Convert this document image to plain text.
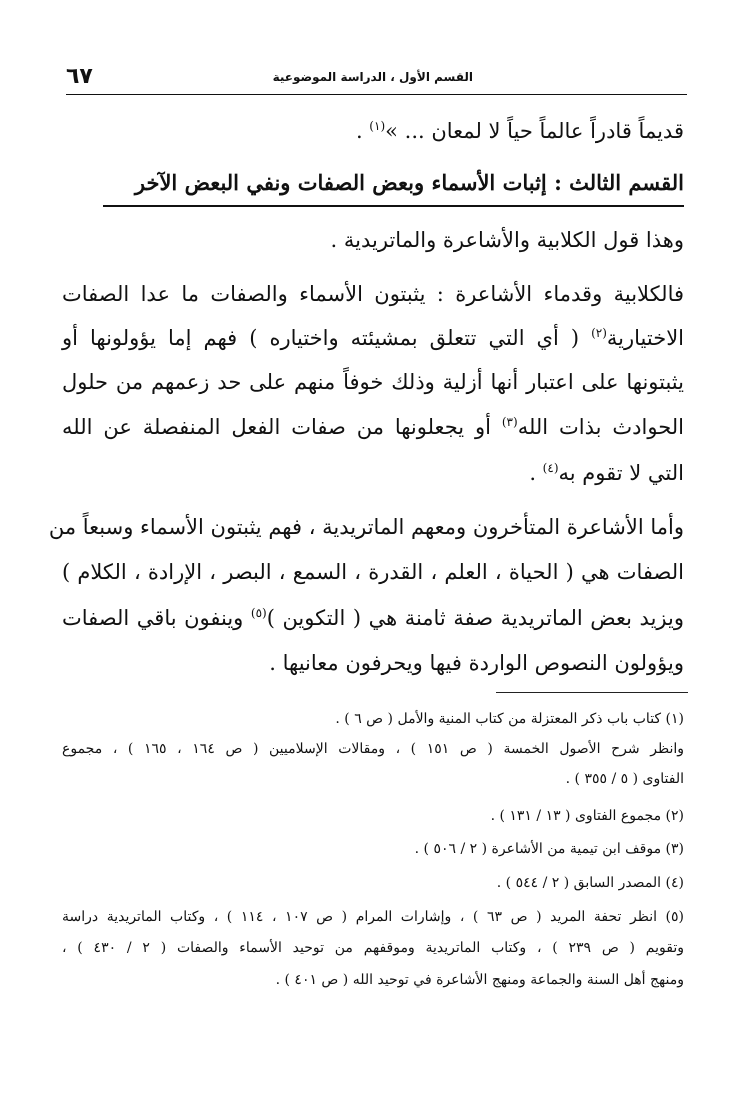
٦٧	القسم الأول ، الدراسة الموضوعية
قديماً قادراً عالماً حياً لا لمعان ... »$^{(١)}$ .
القسم الثالث : إثبات الأسماء وبعض الصفات ونفي البعض الآخر
وهذا قول الكلابية والأشاعرة والماتريدية .
فالكلابية وقدماء الأشاعرة : يثبتون الأسماء والصفات ما عدا الصفات
الاختيارية$^{(٢)}$ ( أي التي تتعلق بمشيئته واختياره ) فهم إما يؤولونها أو
يثبتونها على اعتبار أنها أزلية وذلك خوفاً منهم على حد زعمهم من حلول
الحوادث بذات الله$^{(٣)}$ أو يجعلونها من صفات الفعل المنفصلة عن الله
التي لا تقوم به$^{(٤)}$ .
وأما الأشاعرة المتأخرون ومعهم الماتريدية ، فهم يثبتون الأسماء وسبعاً من
الصفات هي ( الحياة ، العلم ، القدرة ، السمع ، البصر ، الإرادة ، الكلام )
ويزيد بعض الماتريدية صفة ثامنة هي ( التكوين )$^{(٥)}$ وينفون باقي الصفات
ويؤولون النصوص الواردة فيها ويحرفون معانيها .
(١) كتاب باب ذكر المعتزلة من كتاب المنية والأمل ( ص ٦ ) .
وانظر شرح الأصول الخمسة ( ص ١٥١ ) ، ومقالات الإسلاميين ( ص ١٦٤ ، ١٦٥ ) ، مجموع
الفتاوى ( ٥ / ٣٥٥ ) .
(٢) مجموع الفتاوى ( ١٣ / ١٣١ ) .
(٣) موقف ابن تيمية من الأشاعرة ( ٢ / ٥٠٦ ) .
(٤) المصدر السابق ( ٢ / ٥٤٤ ) .
(٥) انظر تحفة المريد ( ص ٦٣ ) ، وإشارات المرام ( ص ١٠٧ ، ١١٤ ) ، وكتاب الماتريدية دراسة
وتقويم ( ص ٢٣٩ ) ، وكتاب الماتريدية وموقفهم من توحيد الأسماء والصفات ( ٢ / ٤٣٠ ) ،
ومنهج أهل السنة والجماعة ومنهج الأشاعرة في توحيد الله ( ص ٤٠١ ) .
